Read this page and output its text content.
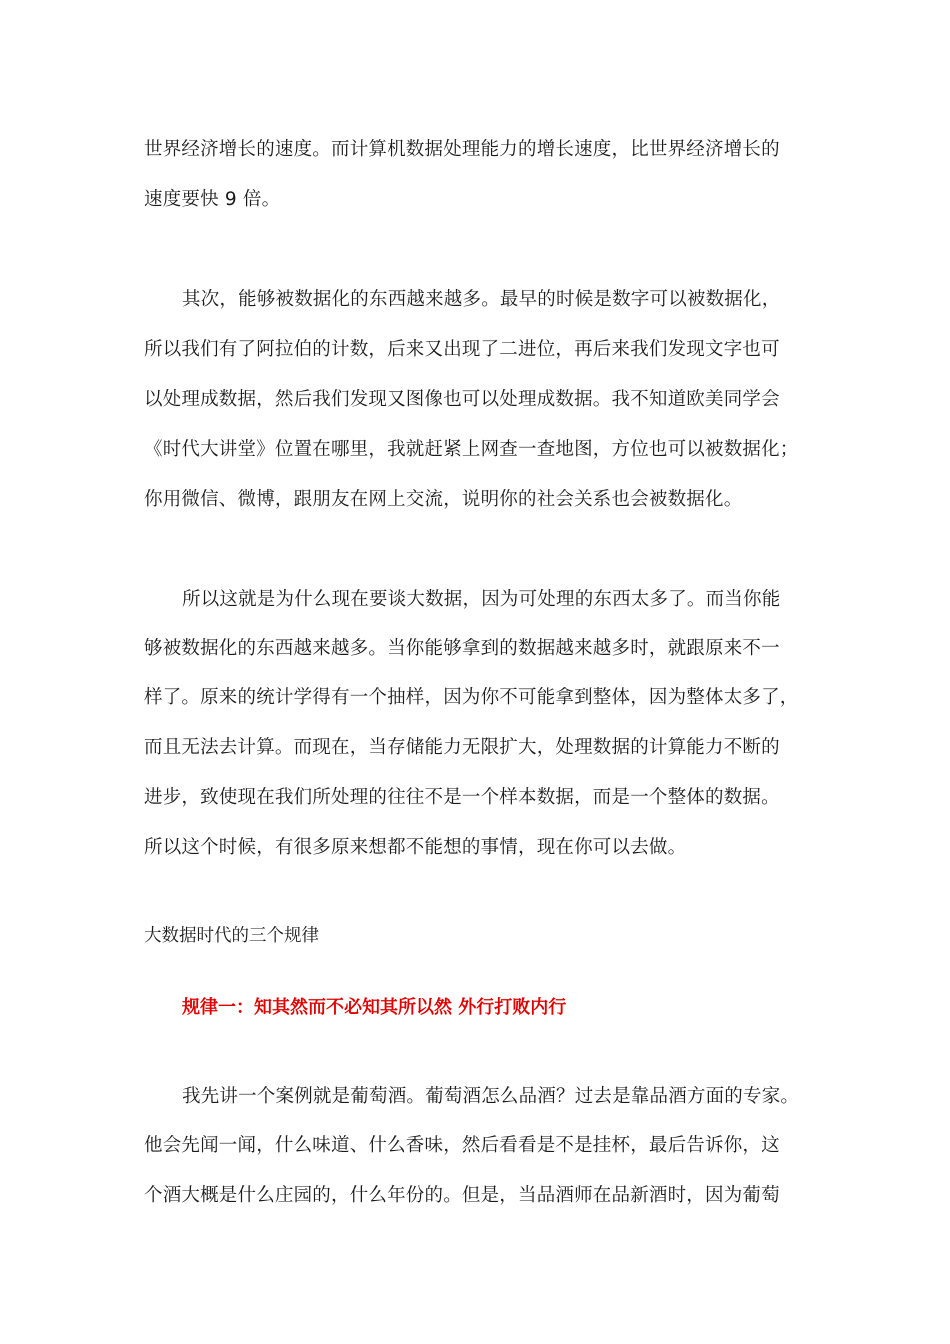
世界经济增长的速度。而计算机数据处理能力的增长速度，比世界经济增长的
速度要快 9 倍。
其次，能够被数据化的东西越来越多。最早的时候是数字可以被数据化，
所以我们有了阿拉伯的计数，后来又出现了二进位，再后来我们发现文字也可
以处理成数据，然后我们发现又图像也可以处理成数据。我不知道欧美同学会
《时代大讲堂》位置在哪里，我就赶紧上网查一查地图，方位也可以被数据化；
你用微信、微博，跟朋友在网上交流，说明你的社会关系也会被数据化。
所以这就是为什么现在要谈大数据，因为可处理的东西太多了。而当你能
够被数据化的东西越来越多。当你能够拿到的数据越来越多时，就跟原来不一
样了。原来的统计学得有一个抽样，因为你不可能拿到整体，因为整体太多了，
而且无法去计算。而现在，当存储能力无限扩大，处理数据的计算能力不断的
进步，致使现在我们所处理的往往不是一个样本数据，而是一个整体的数据。
所以这个时候，有很多原来想都不能想的事情，现在你可以去做。
大数据时代的三个规律
规律一：知其然而不必知其所以然 外行打败内行
我先讲一个案例就是葡萄酒。葡萄酒怎么品酒？过去是靠品酒方面的专家。
他会先闻一闻，什么味道、什么香味，然后看看是不是挂杯，最后告诉你，这
个酒大概是什么庄园的，什么年份的。但是，当品酒师在品新酒时，因为葡萄
